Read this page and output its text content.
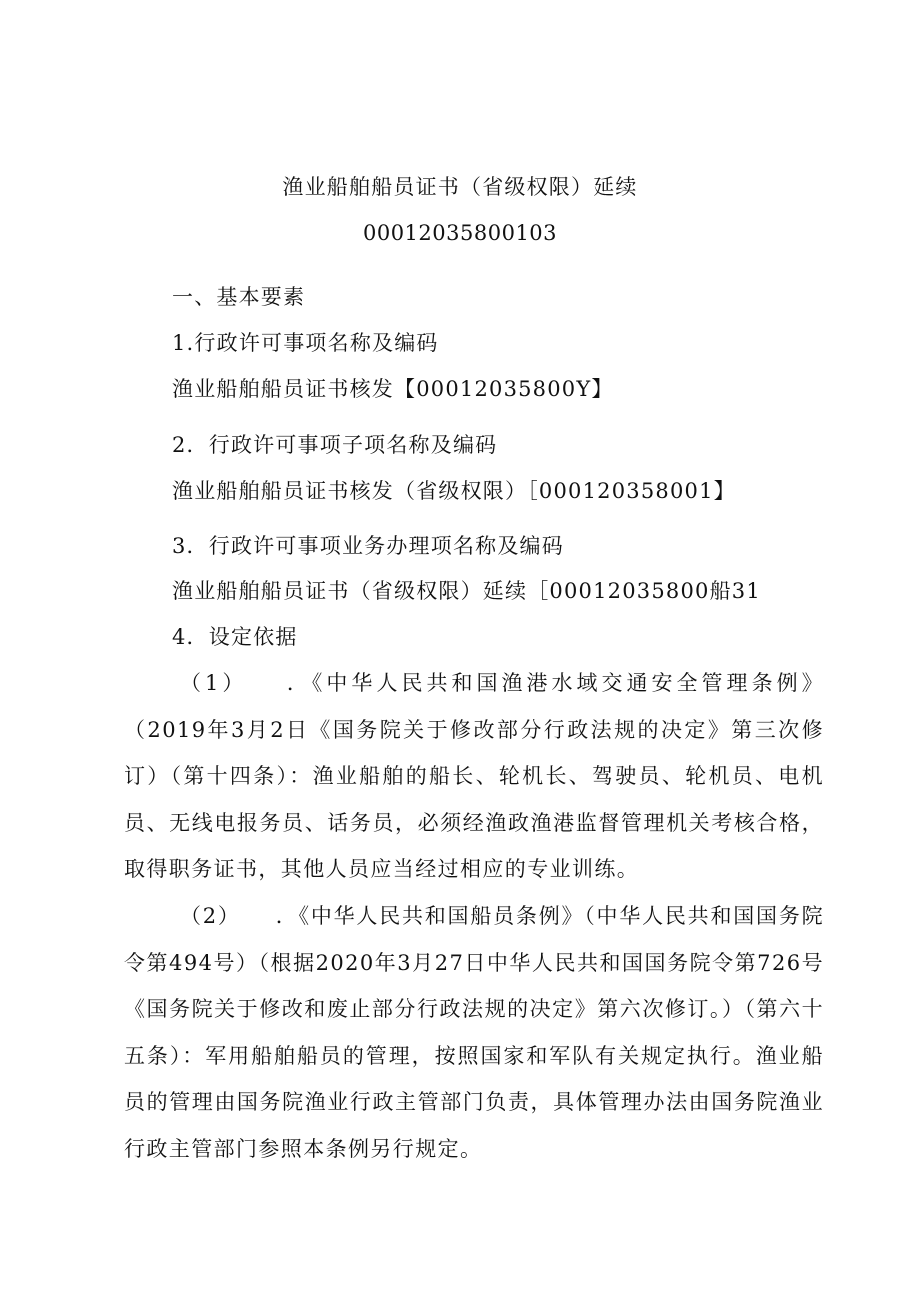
渔业船舶船员证书（省级权限）延续
00012035800103
一、基本要素
1.行政许可事项名称及编码
渔业船舶船员证书核发【00012035800Y】
2．行政许可事项子项名称及编码
渔业船舶船员证书核发（省级权限）［000120358001】
3．行政许可事项业务办理项名称及编码
渔业船舶船员证书（省级权限）延续［00012035800船31
4．设定依据
（1）　　．《中华人民共和国渔港水域交通安全管理条例》（2019年3月2日《国务院关于修改部分行政法规的决定》第三次修订）（第十四条）：渔业船舶的船长、轮机长、驾驶员、轮机员、电机员、无线电报务员、话务员，必须经渔政渔港监督管理机关考核合格，取得职务证书，其他人员应当经过相应的专业训练。
（2）　　．《中华人民共和国船员条例》（中华人民共和国国务院令第494号）（根据2020年3月27日中华人民共和国国务院令第726号《国务院关于修改和废止部分行政法规的决定》第六次修订。）（第六十五条）：军用船舶船员的管理，按照国家和军队有关规定执行。渔业船员的管理由国务院渔业行政主管部门负责，具体管理办法由国务院渔业行政主管部门参照本条例另行规定。
